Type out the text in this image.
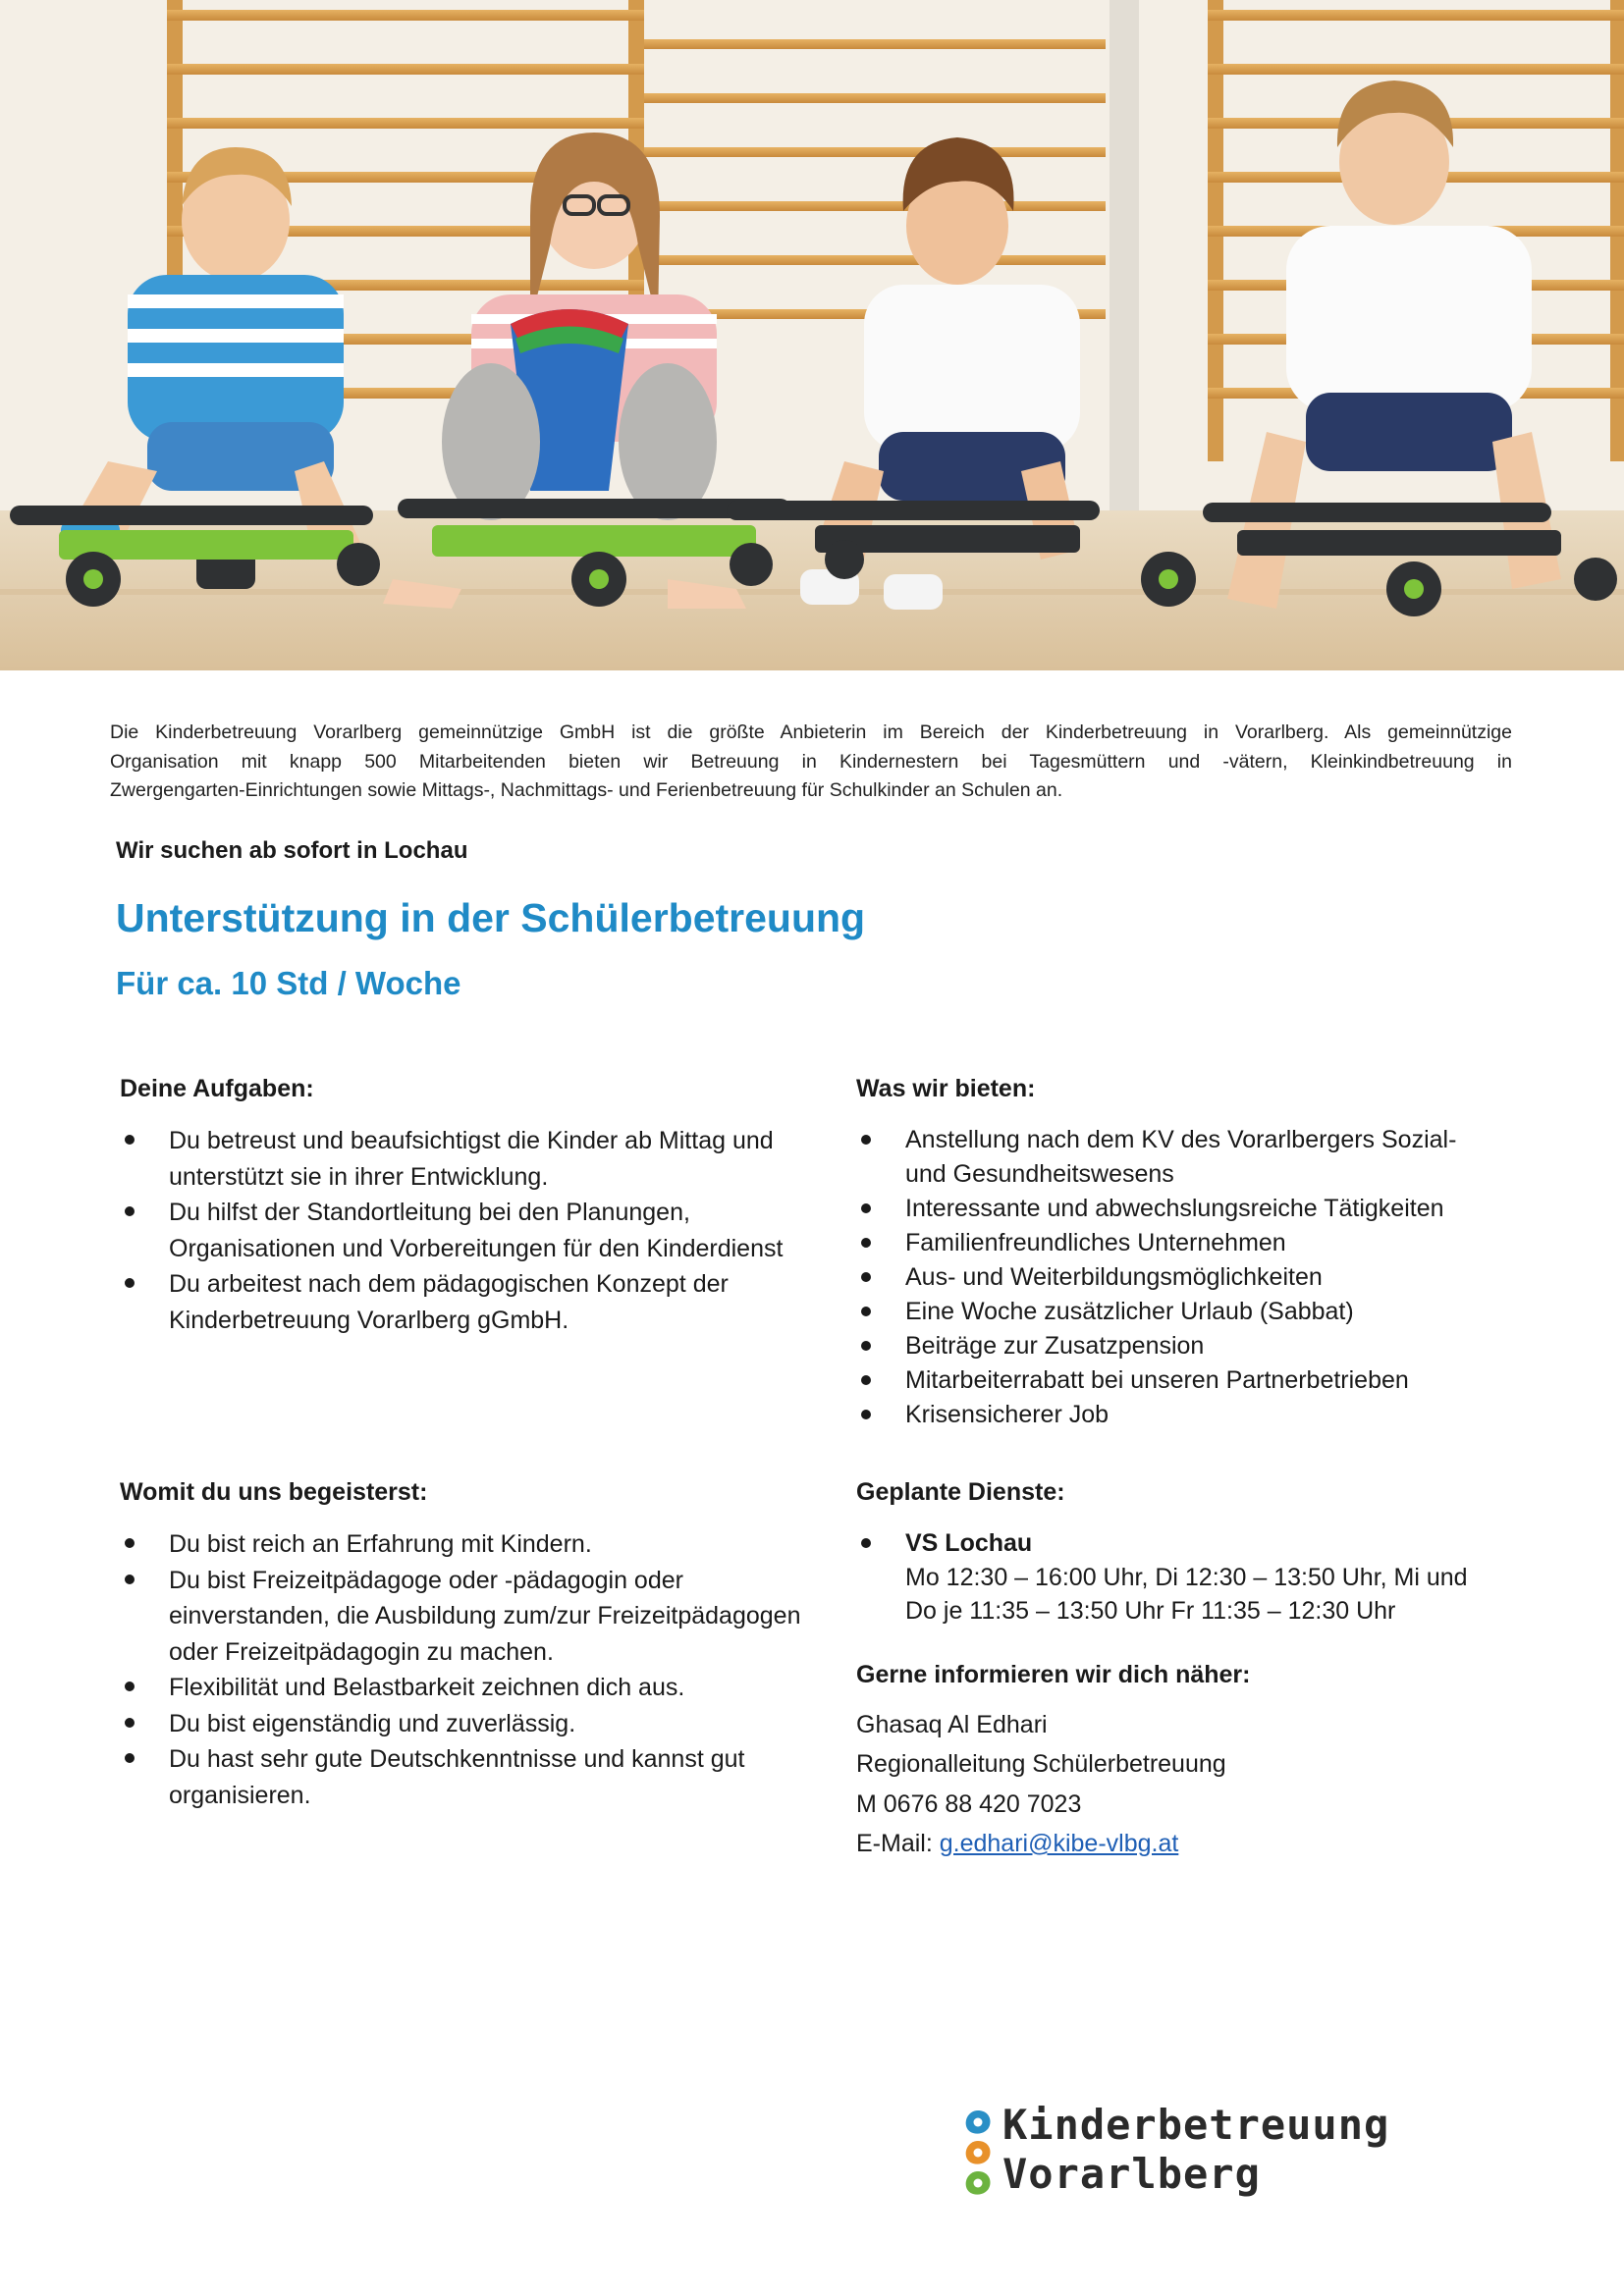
Die Kinderbetreuung Vorarlberg gemeinnützige GmbH ist die größte Anbieterin im Bereich der Kinderbetreuung in Vorarlberg. Als gemeinnützige
Organisation mit knapp 500 Mitarbeitenden bieten wir Betreuung in Kindernestern bei Tagesmüttern und -vätern, Kleinkindbetreuung in
Zwergengarten-Einrichtungen sowie Mittags-, Nachmittags- und Ferienbetreuung für Schulkinder an Schulen an.
Wir suchen ab sofort in Lochau
Unterstützung in der Schülerbetreuung
Für ca. 10 Std / Woche
Deine Aufgaben:
Du betreust und beaufsichtigst die Kinder ab Mittag und
unterstützt sie in ihrer Entwicklung.
Du hilfst der Standortleitung bei den Planungen,
Organisationen und Vorbereitungen für den Kinderdienst
Du arbeitest nach dem pädagogischen Konzept der
Kinderbetreuung Vorarlberg gGmbH.
Was wir bieten:
Anstellung nach dem KV des Vorarlbergers Sozial-
und Gesundheitswesens
Interessante und abwechslungsreiche Tätigkeiten
Familienfreundliches Unternehmen
Aus- und Weiterbildungsmöglichkeiten
Eine Woche zusätzlicher Urlaub (Sabbat)
Beiträge zur Zusatzpension
Mitarbeiterrabatt bei unseren Partnerbetrieben
Krisensicherer Job
Womit du uns begeisterst:
Du bist reich an Erfahrung mit Kindern.
Du bist Freizeitpädagoge oder -pädagogin oder
einverstanden, die Ausbildung zum/zur Freizeitpädagogen
oder Freizeitpädagogin zu machen.
Flexibilität und Belastbarkeit zeichnen dich aus.
Du bist eigenständig und zuverlässig.
Du hast sehr gute Deutschkenntnisse und kannst gut
organisieren.
Geplante Dienste:
VS Lochau
Mo 12:30 – 16:00 Uhr, Di 12:30 – 13:50 Uhr, Mi und
Do je 11:35 – 13:50 Uhr Fr 11:35 – 12:30 Uhr
Gerne informieren wir dich näher:
Ghasaq Al Edhari
Regionalleitung Schülerbetreuung
M 0676 88 420 7023
E-Mail: g.edhari@kibe-vlbg.at
Kinderbetreuung
Vorarlberg
